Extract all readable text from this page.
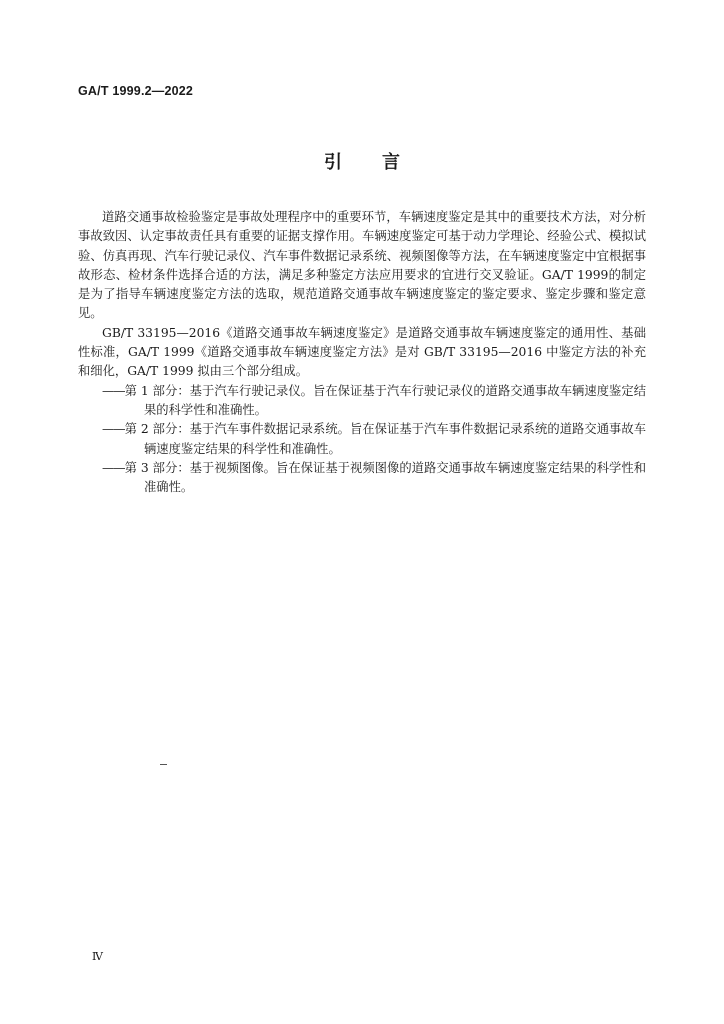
GA/T 1999.2—2022
引言

道路交通事故检验鉴定是事故处理程序中的重要环节，车辆速度鉴定是其中的重要技术方法，对分析事故致因、认定事故责任具有重要的证据支撑作用。车辆速度鉴定可基于动力学理论、经验公式、模拟试验、仿真再现、汽车行驶记录仪、汽车事件数据记录系统、视频图像等方法，在车辆速度鉴定中宜根据事故形态、检材条件选择合适的方法，满足多种鉴定方法应用要求的宜进行交叉验证。GA/T 1999的制定是为了指导车辆速度鉴定方法的选取，规范道路交通事故车辆速度鉴定的鉴定要求、鉴定步骤和鉴定意见。

GB/T 33195—2016《道路交通事故车辆速度鉴定》是道路交通事故车辆速度鉴定的通用性、基础性标准，GA/T 1999《道路交通事故车辆速度鉴定方法》是对 GB/T 33195—2016 中鉴定方法的补充和细化，GA/T 1999 拟由三个部分组成。

——第 1 部分：基于汽车行驶记录仪。旨在保证基于汽车行驶记录仪的道路交通事故车辆速度鉴定结果的科学性和准确性。

——第 2 部分：基于汽车事件数据记录系统。旨在保证基于汽车事件数据记录系统的道路交通事故车辆速度鉴定结果的科学性和准确性。

——第 3 部分：基于视频图像。旨在保证基于视频图像的道路交通事故车辆速度鉴定结果的科学性和准确性。

Ⅳ
